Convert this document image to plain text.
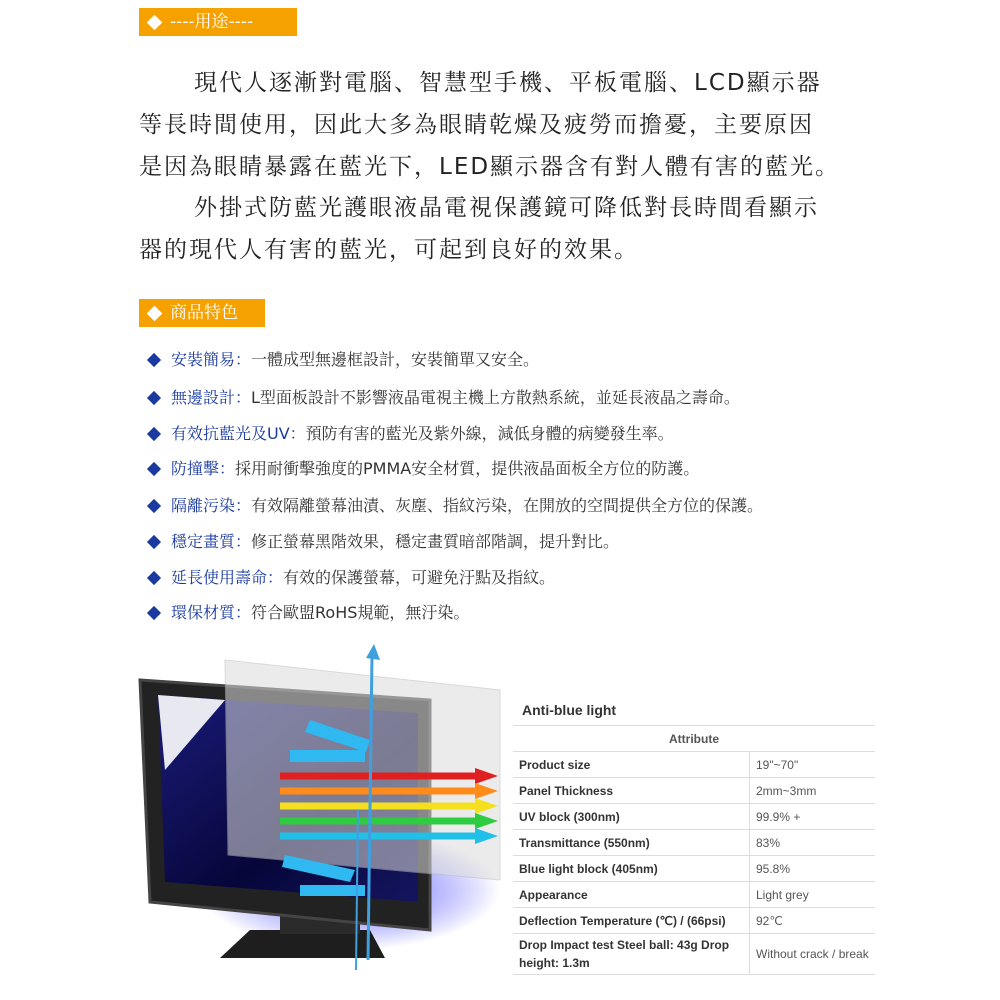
----用途----
現代人逐漸對電腦、智慧型手機、平板電腦、LCD顯示器
等長時間使用，因此大多為眼睛乾燥及疲勞而擔憂，主要原因
是因為眼睛暴露在藍光下，LED顯示器含有對人體有害的藍光。
外掛式防藍光護眼液晶電視保護鏡可降低對長時間看顯示
器的現代人有害的藍光，可起到良好的效果。
商品特色
安裝簡易：一體成型無邊框設計，安裝簡單又安全。
無邊設計：L型面板設計不影響液晶電視主機上方散熱系統，並延長液晶之壽命。
有效抗藍光及UV：預防有害的藍光及紫外線，減低身體的病變發生率。
防撞擊：採用耐衝擊強度的PMMA安全材質，提供液晶面板全方位的防護。
隔離污染：有效隔離螢幕油漬、灰塵、指紋污染，在開放的空間提供全方位的保護。
穩定畫質：修正螢幕黑階效果，穩定畫質暗部階調，提升對比。
延長使用壽命：有效的保護螢幕，可避免汙點及指紋。
環保材質：符合歐盟RoHS規範，無汙染。
Anti-blue light
Attribute	
Product size	19"~70"
Panel Thickness	2mm~3mm
UV block (300nm)	99.9% +
Transmittance (550nm)	83%
Blue light block (405nm)	95.8%
Appearance	Light grey
Deflection Temperature (℃) / (66psi)	92℃
Drop Impact test Steel ball: 43g Drop height: 1.3m	Without crack / break
